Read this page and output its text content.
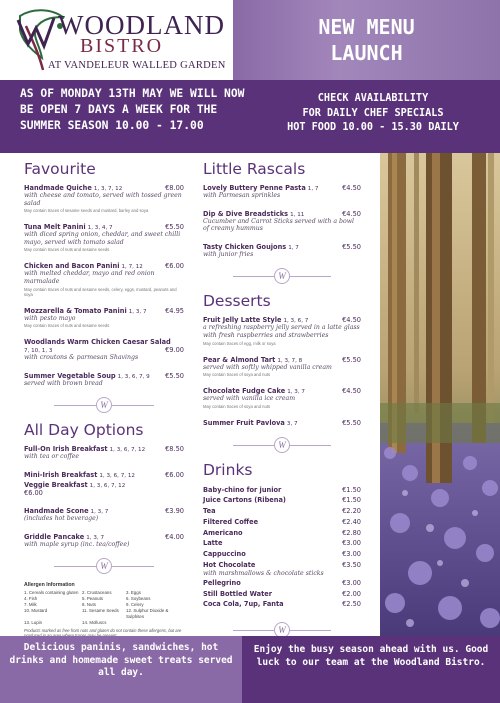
WOODLAND
BISTRO
AT VANDELEUR WALLED GARDEN
NEW MENU
LAUNCH
AS OF MONDAY 13TH MAY WE WILL NOW BE OPEN 7 DAYS A WEEK FOR THE SUMMER SEASON 10.00 - 17.00
CHECK AVAILABILITY
FOR DAILY CHEF SPECIALS
HOT FOOD 10.00 - 15.30 DAILY
Favourite
Handmade Quiche 1, 3, 7, 12	€8.00
with cheese and tomato, served with tossed green salad
May contain traces of sesame seeds and mustard, barley and soya
Tuna Melt Panini 1, 3, 4, 7	€5.50
with diced spring onion, cheddar, and sweet chilli mayo, served with tomato salad
May contain traces of nuts and sesame seeds
Chicken and Bacon Panini 1, 7, 12	€6.00
with melted cheddar, mayo and red onion marmalade
May contain traces of nuts and sesame seeds, celery, eggs, mustard, peanuts and soya
Mozzarella & Tomato Panini 1, 3, 7	€4.95
with pesto mayo
May contain traces of nuts and sesame seeds
Woodlands Warm Chicken Caesar Salad
7, 10, 1, 3	€9.00
with croutons & parmesan Shavings
Summer Vegetable Soup 1, 3, 6, 7, 9 €5.50
served with brown bread
W
All Day Options
Full-On Irish Breakfast 1, 3, 6, 7, 12	€8.50
with tea or coffee
Mini-Irish Breakfast 1, 3, 6, 7, 12	€6.00
Veggie Breakfast 1, 3, 6, 7, 12
€6.00
Handmade Scone 1, 3, 7	€3.90
(includes hot beverage)
Griddle Pancake 1, 3, 7	€4.00
with maple syrup (inc. tea/coffee)
W
Allergen Information
1. Cereals containing gluten 2. Crustaceans	3. Eggs
4. Fish	5. Peanuts	6. Soybeans
7. Milk	8. Nuts	9. Celery
10. Mustard	11. Sesame Seeds	12. Sulphur Dioxide & Sulphites
13. Lupin	14. Molluscs
Products marked as free from nuts and gluten do not contain these allergens, but are
Little Rascals
Lovely Buttery Penne Pasta 1, 7	€4.50
with Parmesan sprinkles
Dip & Dive Breadsticks 1, 11	€4.50
Cucumber and Carrot Sticks served with a bowl of creamy hummus
Tasty Chicken Goujons 1, 7	€5.50
with junior fries
W
Desserts
Fruit Jelly Latte Style 1, 3, 6, 7	€4.50
a refreshing raspberry jelly served in a latte glass with fresh raspberries and strawberries
May contain traces of egg, milk or soya
Pear & Almond Tart 1, 3, 7, 8	€5.50
served with softly whipped vanilla cream
May contain traces of soya and nuts
Chocolate Fudge Cake 1, 3, 7	€4.50
served with vanilla ice cream
May contain traces of soya and nuts
Summer Fruit Pavlova 3, 7	€5.50
W
Drinks
Baby-chino for junior	€1.50
Juice Cartons (Ribena)	€1.50
Tea	€2.20
Filtered Coffee	€2.40
Americano	€2.80
Latte	€3.00
Cappuccino	€3.00
Hot Chocolate	€3.50
with marshmallows & chocolate sticks
Pellegrino	€3.00
Still Bottled Water	€2.00
Coca Cola, 7up, Fanta	€2.50
W
Delicious paninis, sandwiches, hot drinks and homemade sweet treats served all day.
Enjoy the busy season ahead with us. Good luck to our team at the Woodland Bistro.
